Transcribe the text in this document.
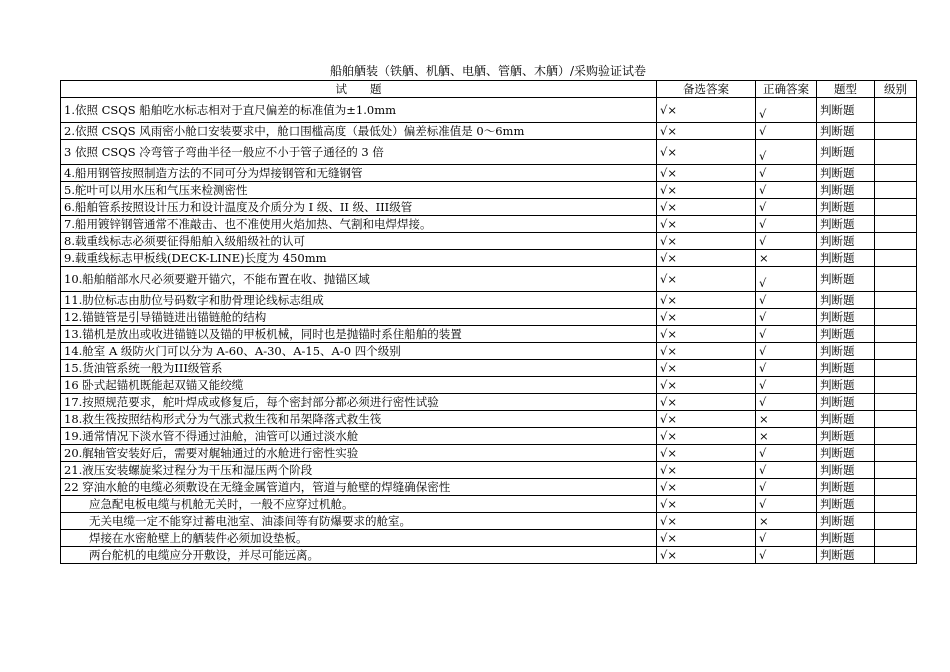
船舶舾装（铁舾、机舾、电舾、管舾、木舾）/采购验证试卷
试　　题	备选答案	正确答案	题型	级别
1.依照 CSQS 船舶吃水标志相对于直尺偏差的标准值为±1.0mm	√×	√	判断题	
2.依照 CSQS 风雨密小舱口安装要求中，舱口围槛高度（最低处）偏差标准值是 0～6mm	√×	√	判断题	
3 依照 CSQS 冷弯管子弯曲半径一般应不小于管子通径的 3 倍	√×	√	判断题	
4.船用钢管按照制造方法的不同可分为焊接钢管和无缝钢管	√×	√	判断题	
5.舵叶可以用水压和气压来检测密性	√×	√	判断题	
6.船舶管系按照设计压力和设计温度及介质分为 I 级、II 级、III级管	√×	√	判断题	
7.船用镀锌钢管通常不准敲击、也不准使用火焰加热、气割和电焊焊接。	√×	√	判断题	
8.载重线标志必须要征得船舶入级船级社的认可	√×	√	判断题	
9.载重线标志甲板线(DECK-LINE)长度为 450mm	√×	×	判断题	
10.船舶艏部水尺必须要避开锚穴，不能布置在收、抛锚区域	√×	√	判断题	
11.肋位标志由肋位号码数字和肋骨理论线标志组成	√×	√	判断题	
12.锚链管是引导锚链进出锚链舱的结构	√×	√	判断题	
13.锚机是放出或收进锚链以及锚的甲板机械，同时也是抛锚时系住船舶的装置	√×	√	判断题	
14.舱室 A 级防火门可以分为 A-60、A-30、A-15、A-0 四个级别	√×	√	判断题	
15.货油管系统一般为III级管系	√×	√	判断题	
16 卧式起锚机既能起双锚又能绞缆	√×	√	判断题	
17.按照规范要求，舵叶焊成或修复后，每个密封部分都必须进行密性试验	√×	√	判断题	
18.救生筏按照结构形式分为气涨式救生筏和吊架降落式救生筏	√×	×	判断题	
19.通常情况下淡水管不得通过油舱，油管可以通过淡水舱	√×	×	判断题	
20.艉轴管安装好后，需要对艉轴通过的水舱进行密性实验	√×	√	判断题	
21.液压安装螺旋桨过程分为干压和湿压两个阶段	√×	√	判断题	
22 穿油水舱的电缆必须敷设在无缝金属管道内，管道与舱壁的焊缝确保密性	√×	√	判断题	
应急配电板电缆与机舱无关时，一般不应穿过机舱。	√×	√	判断题	
无关电缆一定不能穿过蓄电池室、油漆间等有防爆要求的舱室。	√×	×	判断题	
焊接在水密舱壁上的舾装件必须加设垫板。	√×	√	判断题	
两台舵机的电缆应分开敷设，并尽可能远离。	√×	√	判断题	
